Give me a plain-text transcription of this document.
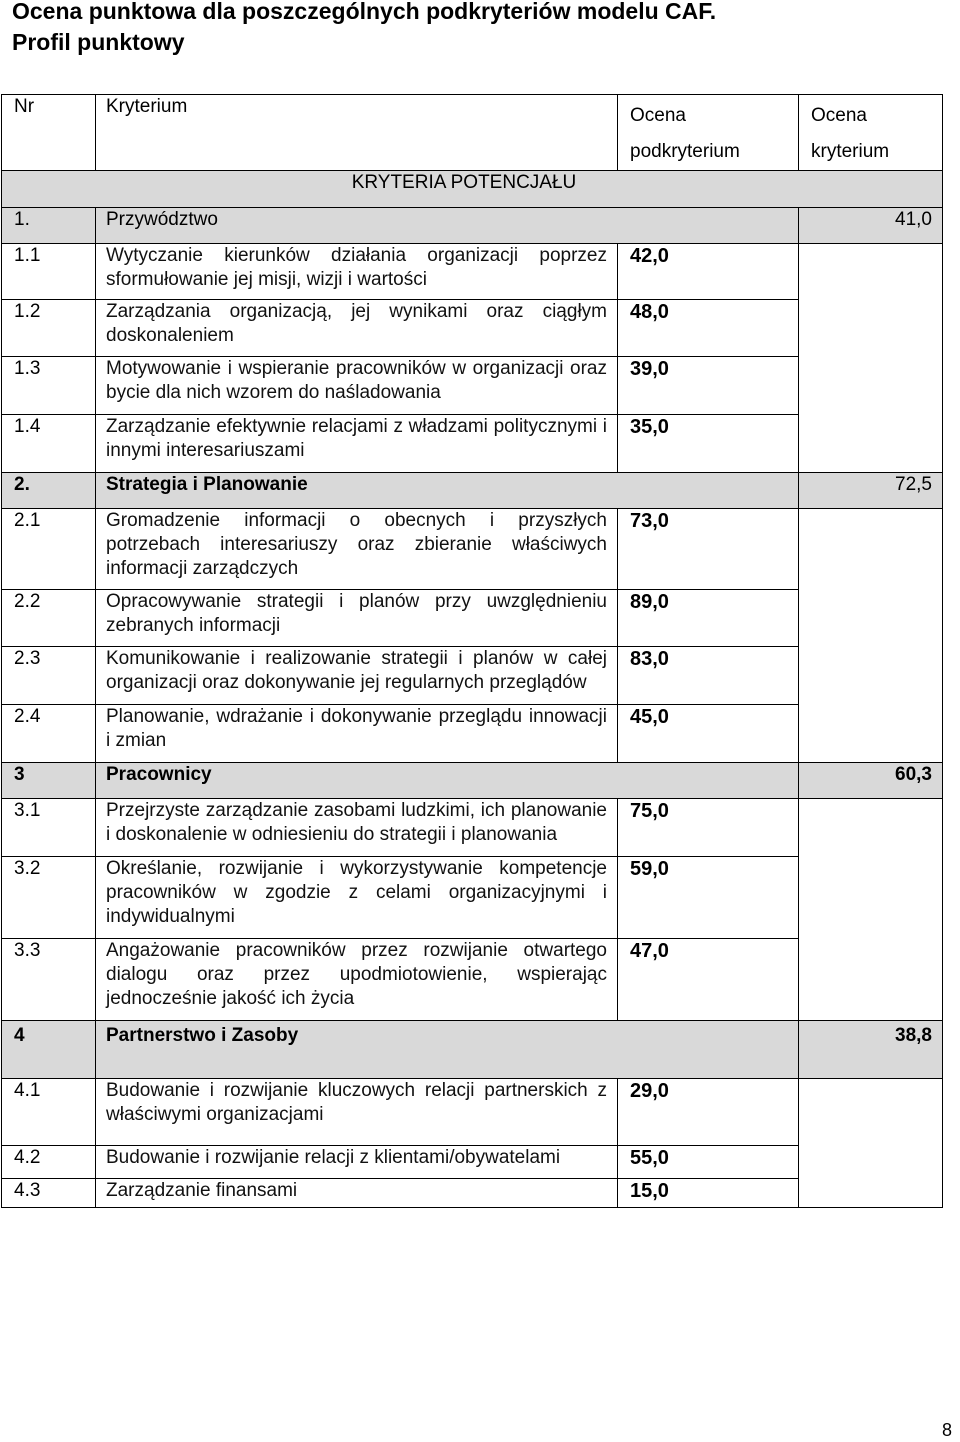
Ocena punktowa dla poszczególnych podkryteriów modelu CAF.
Profil punktowy
Nr	Kryterium	Ocena podkryterium	Ocena kryterium
KRYTERIA POTENCJAŁU			
1.	Przywództwo		41,0
1.1	Wytyczanie kierunków działania organizacji poprzez sformułowanie jej misji, wizji i wartości	42,0	
1.2	Zarządzania organizacją, jej wynikami oraz ciągłym doskonaleniem	48,0	
1.3	Motywowanie i wspieranie pracowników w organizacji oraz bycie dla nich wzorem do naśladowania	39,0	
1.4	Zarządzanie efektywnie relacjami z władzami politycznymi i innymi interesariuszami	35,0	
2.	Strategia i Planowanie		72,5
2.1	Gromadzenie informacji o obecnych i przyszłych potrzebach interesariuszy oraz zbieranie właściwych informacji zarządczych	73,0	
2.2	Opracowywanie strategii i planów przy uwzględnieniu zebranych informacji	89,0	
2.3	Komunikowanie i realizowanie strategii i planów w całej organizacji oraz dokonywanie jej regularnych przeglądów	83,0	
2.4	Planowanie, wdrażanie i dokonywanie przeglądu innowacji i zmian	45,0	
3	Pracownicy		60,3
3.1	Przejrzyste zarządzanie zasobami ludzkimi, ich planowanie i doskonalenie w odniesieniu do strategii i planowania	75,0	
3.2	Określanie, rozwijanie i wykorzystywanie kompetencje pracowników w zgodzie z celami organizacyjnymi i indywidualnymi	59,0	
3.3	Angażowanie pracowników przez rozwijanie otwartego dialogu oraz przez upodmiotowienie, wspierając jednocześnie jakość ich życia	47,0	
4	Partnerstwo i Zasoby		38,8
4.1	Budowanie i rozwijanie kluczowych relacji partnerskich z właściwymi organizacjami	29,0	
4.2	Budowanie i rozwijanie relacji z klientami/obywatelami	55,0	
4.3	Zarządzanie finansami	15,0	
8
